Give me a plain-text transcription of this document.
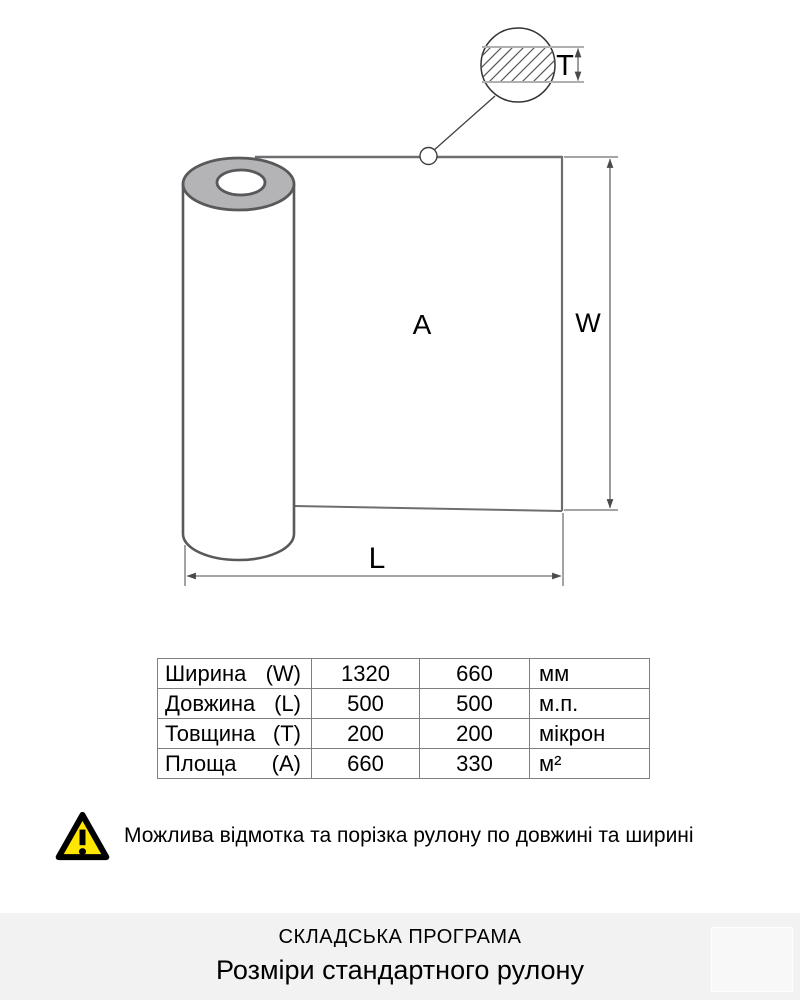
T
A	W
L
Ширина (W)	1320	660	мм

Довжина (L)	500	500	м.п.

Товщина (Т)	200	200	мікрон

Площа (А)	660	330	м²
Можлива відмотка та порізка рулону по довжині та ширині
СКЛАДСЬКА ПРОГРАМА
Розміри стандартного рулону
